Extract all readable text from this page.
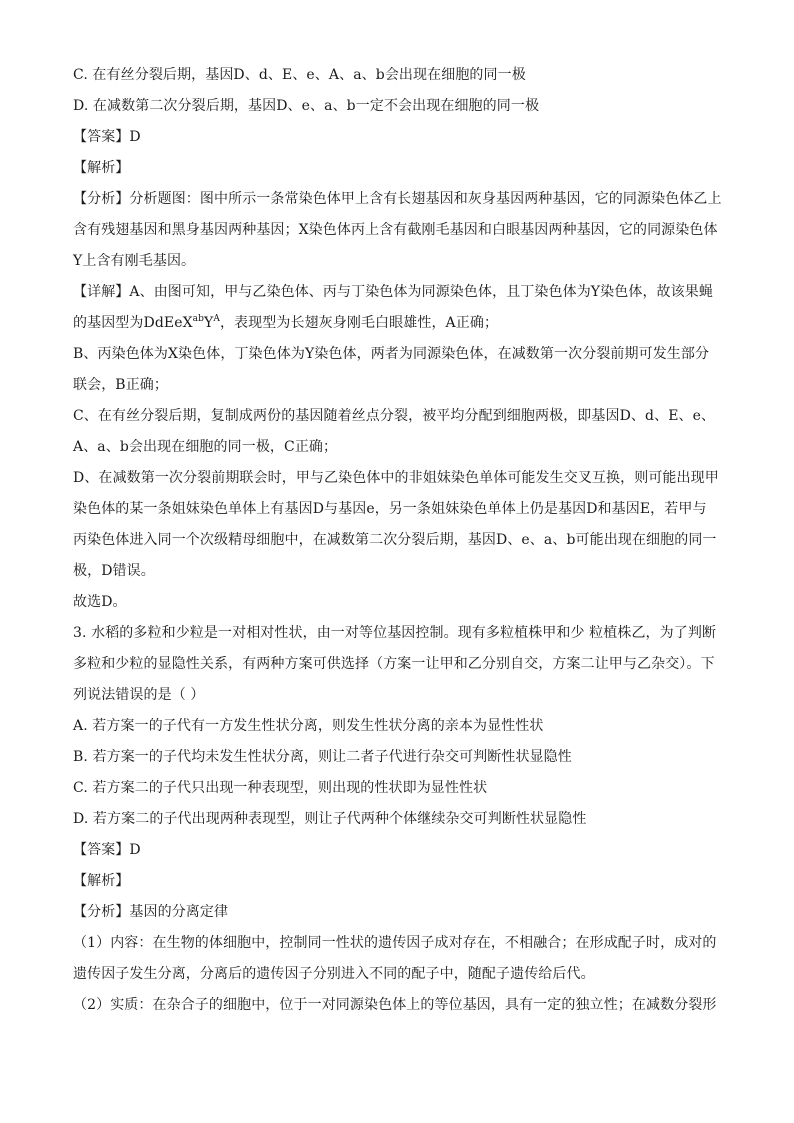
C. 在有丝分裂后期，基因D、d、E、e、A、a、b会出现在细胞的同一极
D. 在减数第二次分裂后期，基因D、e、a、b一定不会出现在细胞的同一极
【答案】D
【解析】
【分析】分析题图：图中所示一条常染色体甲上含有长翅基因和灰身基因两种基因，它的同源染色体乙上
含有残翅基因和黑身基因两种基因；X染色体丙上含有截刚毛基因和白眼基因两种基因，它的同源染色体
Y上含有刚毛基因。
【详解】A、由图可知，甲与乙染色体、丙与丁染色体为同源染色体，且丁染色体为Y染色体，故该果蝇
的基因型为$DdEeX^{ab}Y^A$，表现型为长翅灰身刚毛白眼雄性，A正确；
B、丙染色体为X染色体，丁染色体为Y染色体，两者为同源染色体，在减数第一次分裂前期可发生部分
联会，B正确；
C、在有丝分裂后期，复制成两份的基因随着丝点分裂，被平均分配到细胞两极，即基因D、d、E、e、
A、a、b会出现在细胞的同一极，C正确；
D、在减数第一次分裂前期联会时，甲与乙染色体中的非姐妹染色单体可能发生交叉互换，则可能出现甲
染色体的某一条姐妹染色单体上有基因D与基因e，另一条姐妹染色单体上仍是基因D和基因E，若甲与
丙染色体进入同一个次级精母细胞中，在减数第二次分裂后期，基因D、e、a、b可能出现在细胞的同一
极，D错误。
故选D。
3. 水稻的多粒和少粒是一对相对性状，由一对等位基因控制。现有多粒植株甲和少 粒植株乙，为了判断
多粒和少粒的显隐性关系，有两种方案可供选择（方案一让甲和乙分别自交，方案二让甲与乙杂交）。下
列说法错误的是（ ）
A. 若方案一的子代有一方发生性状分离，则发生性状分离的亲本为显性性状
B. 若方案一的子代均未发生性状分离，则让二者子代进行杂交可判断性状显隐性
C. 若方案二的子代只出现一种表现型，则出现的性状即为显性性状
D. 若方案二的子代出现两种表现型，则让子代两种个体继续杂交可判断性状显隐性
【答案】D
【解析】
【分析】基因的分离定律
（1）内容：在生物的体细胞中，控制同一性状的遗传因子成对存在，不相融合；在形成配子时，成对的
遗传因子发生分离，分离后的遗传因子分别进入不同的配子中，随配子遗传给后代。
（2）实质：在杂合子的细胞中，位于一对同源染色体上的等位基因，具有一定的独立性；在减数分裂形
